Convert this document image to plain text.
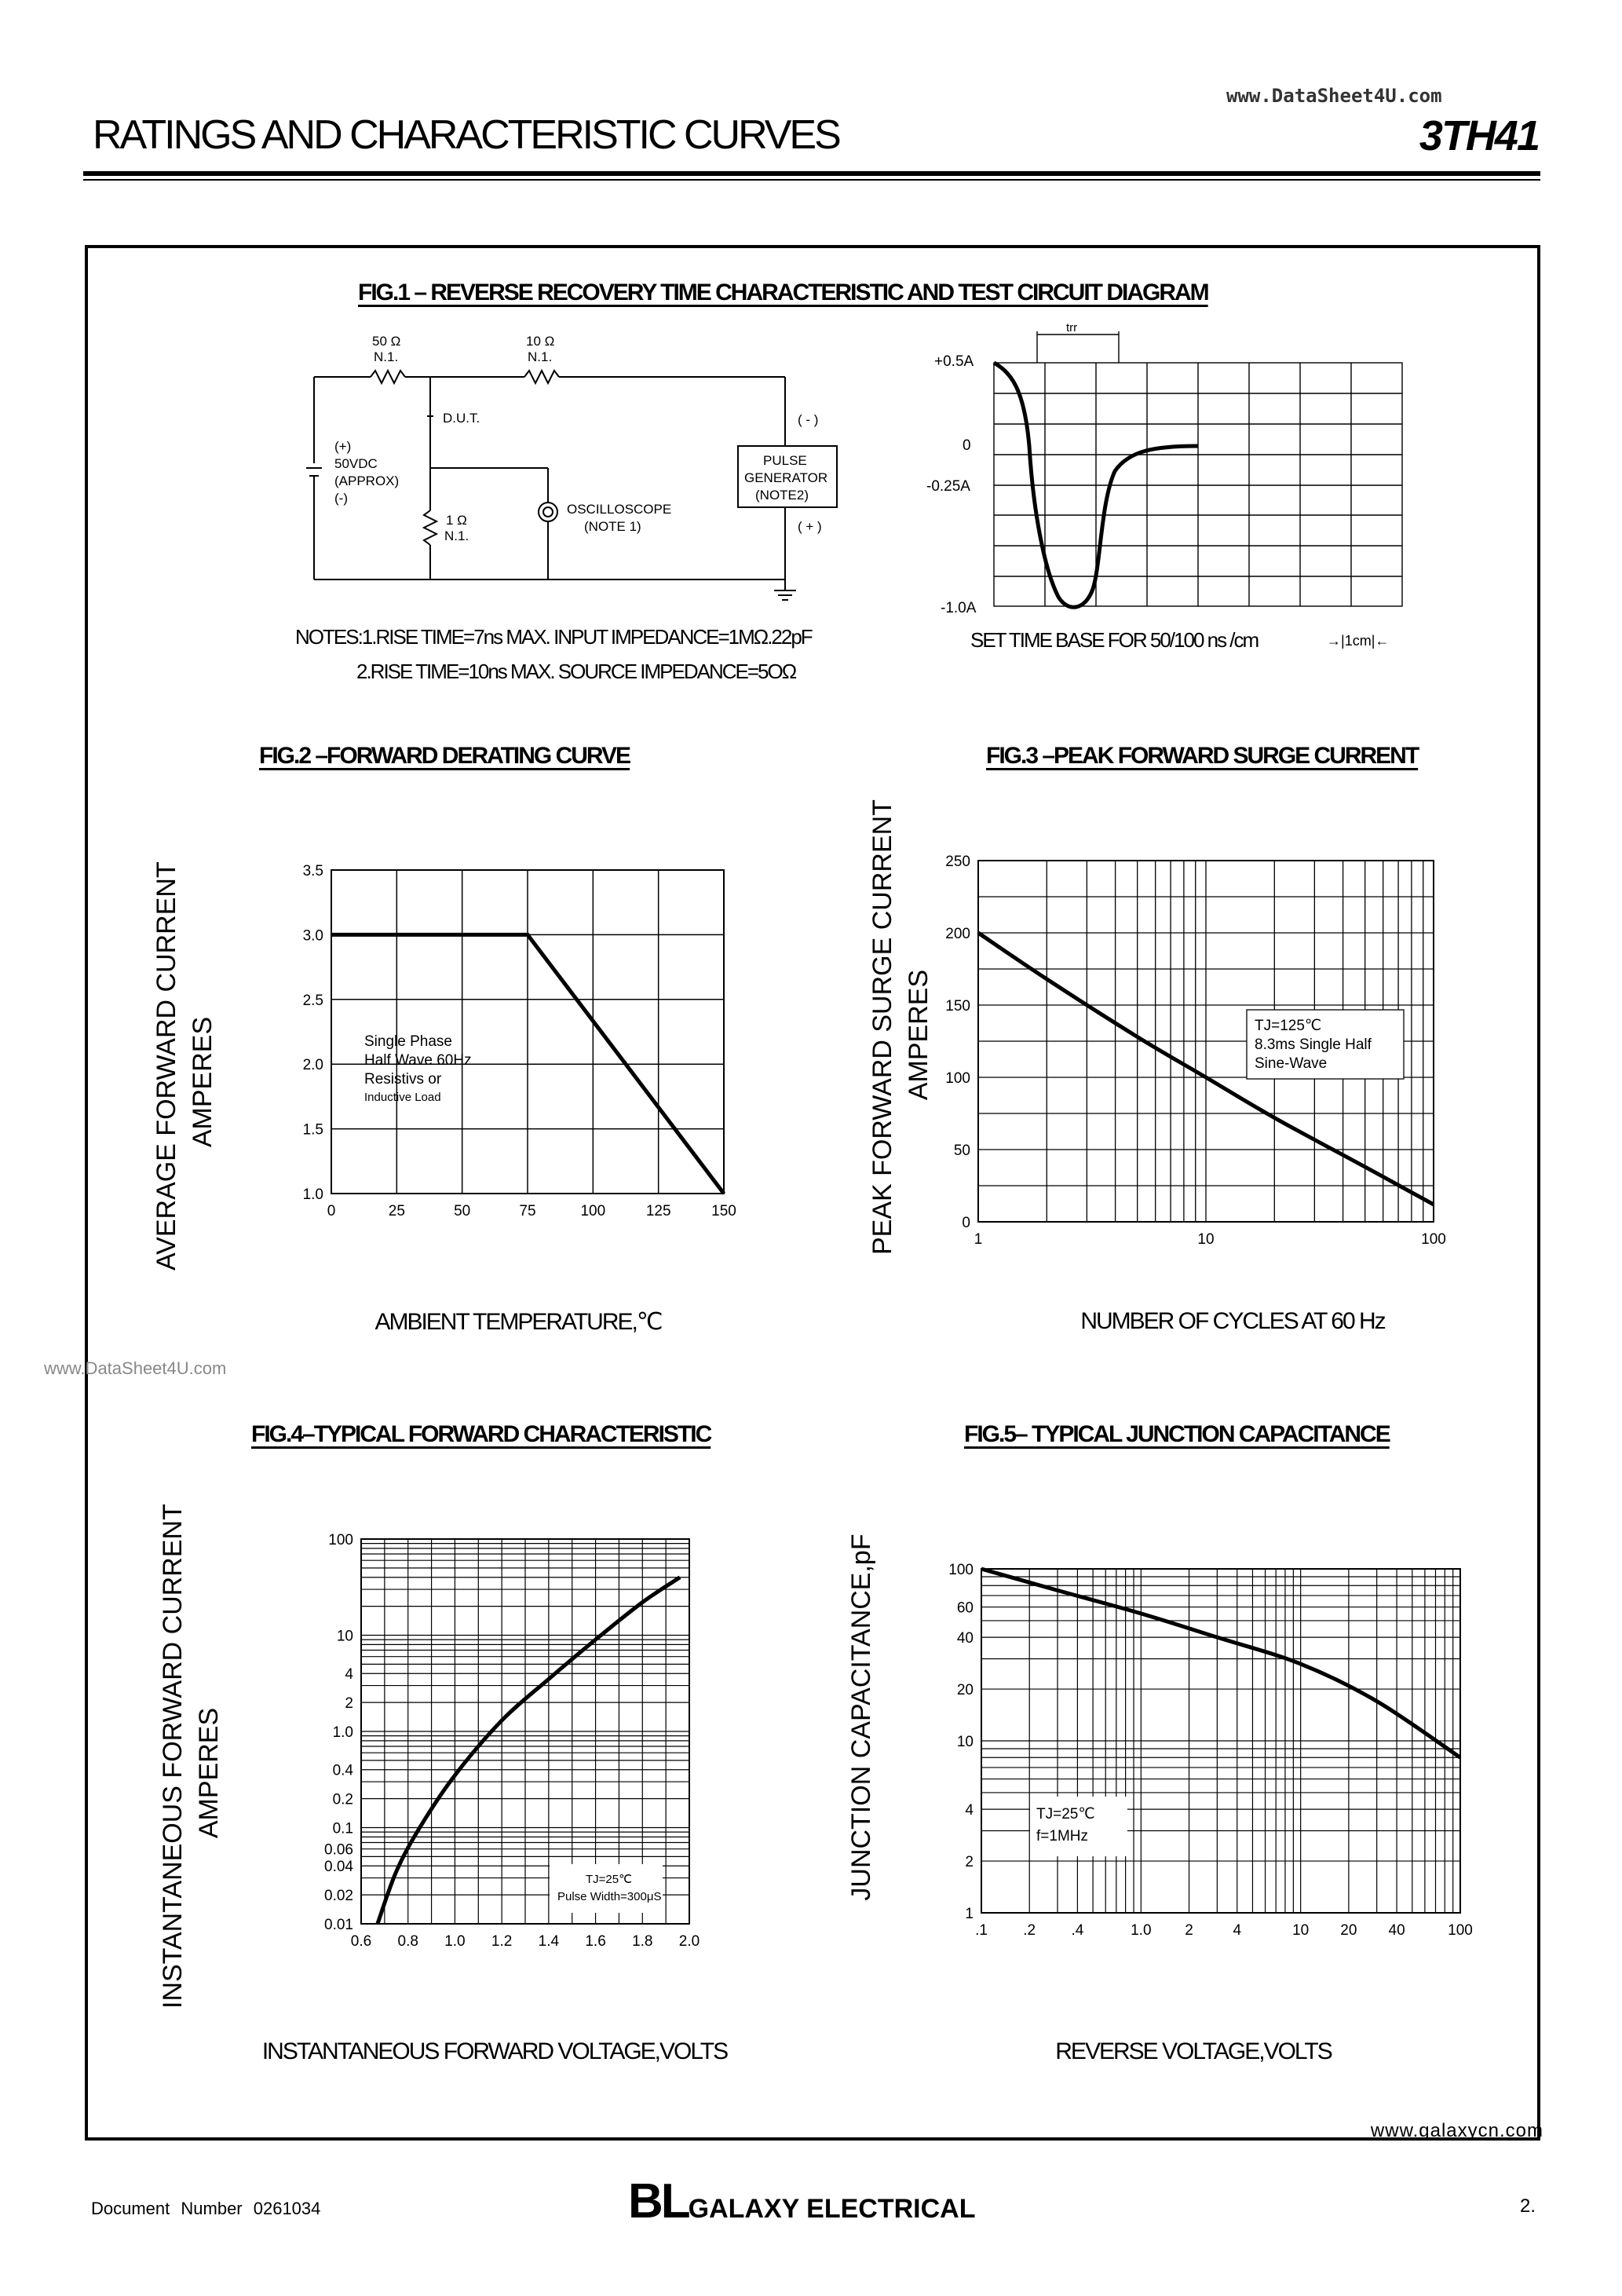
www.DataSheet4U.com
RATINGS AND CHARACTERISTIC CURVES	3TH41
FIG.1 – REVERSE RECOVERY TIME CHARACTERISTIC AND TEST CIRCUIT DIAGRAM
50 Ω
N.1.
10 Ω
N.1.
D.U.T.
(+)
50VDC
(APPROX)
(-)
1 Ω
N.1.
OSCILLOSCOPE
(NOTE 1)
PULSE
GENERATOR
(NOTE2)
( - )
( + )
NOTES:1.RISE TIME=7ns MAX. INPUT IMPEDANCE=1MΩ.22pF
2.RISE TIME=10ns MAX. SOURCE IMPEDANCE=5OΩ
trr
+0.5A
0
-0.25A
-1.0A
SET TIME BASE FOR 50/100 ns /cm	→|1cm|←
FIG.2 –FORWARD DERATING CURVE
AVERAGE FORWARD CURRENT AMPERES
0	25	50	75	100	125	150
1.0
1.5
2.0
2.5
3.0
3.5
Single Phase
Half Wave 60Hz
Resistivs or
Inductive Load
AMBIENT TEMPERATURE,℃
FIG.3 –PEAK FORWARD SURGE CURRENT
PEAK FORWARD SURGE CURRENT AMPERES
1	10	100
0
50
100
150
200
250
TJ=125℃
8.3ms Single Half
Sine-Wave
NUMBER OF CYCLES AT 60 Hz
www.DataSheet4U.com
FIG.4–TYPICAL FORWARD CHARACTERISTIC
INSTANTANEOUS FORWARD CURRENT AMPERES
0.6 0.8 1.0 1.2 1.4 1.6 1.8 2.0
0.01
0.02
0.04
0.06
0.1
0.2
0.4
1.0
2
4
10
100
TJ=25℃
Pulse Width=300μS
INSTANTANEOUS FORWARD VOLTAGE,VOLTS
FIG.5– TYPICAL JUNCTION CAPACITANCE
JUNCTION CAPACITANCE,pF
.1 .2 .4	1.0 2	4	10 20 40	100
1
2
4
10
20
40
60
100
TJ=25℃
f=1MHz
REVERSE VOLTAGE,VOLTS
www.galaxycn.com
Document Number 0261034	BLGALAXY ELECTRICAL	2.
